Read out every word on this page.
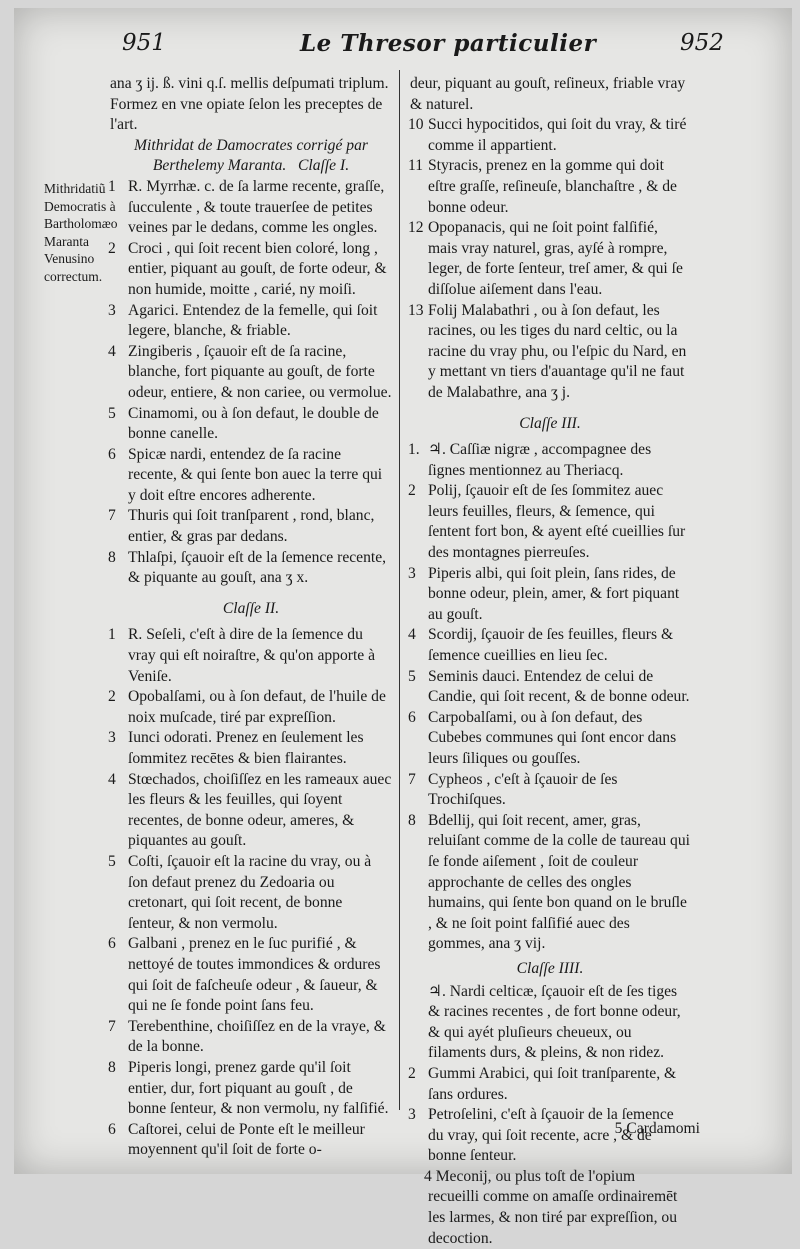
951	Le Thresor particulier	952
Mithridatiũ Democratis à Bartholomæo Maranta Venusino correctum.

ana ʒ ij. ß. vini q.ſ. mellis deſpumati triplum. Formez en vne opiate ſelon les preceptes de l'art.

Mithridat de Damocrates corrigé par

Berthelemy Maranta. Claſſe I.

1 R. Myrrhæ. c. de ſa larme recente, graſſe, ſucculente , & toute trauerſee de petites veines par le dedans, comme les ongles.

2 Croci , qui ſoit recent bien coloré, long , entier, piquant au gouſt, de forte odeur, & non humide, moitte , carié, ny moiſi.

3 Agarici. Entendez de la femelle, qui ſoit legere, blanche, & friable.

4 Zingiberis , ſçauoir eſt de ſa racine, blanche, fort piquante au gouſt, de forte odeur, entiere, & non cariee, ou vermolue.

5 Cinamomi, ou à ſon defaut, le double de bonne canelle.

6 Spicæ nardi, entendez de ſa racine recente, & qui ſente bon auec la terre qui y doit eſtre encores adherente.

7 Thuris qui ſoit tranſparent , rond, blanc, entier, & gras par dedans.

8 Thlaſpi, ſçauoir eſt de la ſemence recente, & piquante au gouſt, ana ʒ x.

Claſſe II.

1 R. Seſeli, c'eſt à dire de la ſemence du vray qui eſt noiraſtre, & qu'on apporte à Veniſe.

2 Opobalſami, ou à ſon defaut, de l'huile de noix muſcade, tiré par expreſſion.

3 Iunci odorati. Prenez en ſeulement les ſommitez recētes & bien flairantes.

4 Stœchados, choiſiſſez en les rameaux auec les fleurs & les feuilles, qui ſoyent recentes, de bonne odeur, ameres, & piquantes au gouſt.

5 Coſti, ſçauoir eſt la racine du vray, ou à ſon defaut prenez du Zedoaria ou cretonart, qui ſoit recent, de bonne ſenteur, & non vermolu.

6 Galbani , prenez en le ſuc purifié , & nettoyé de toutes immondices & ordures qui ſoit de faſcheuſe odeur , & ſaueur, & qui ne ſe fonde point ſans feu.

7 Terebenthine, choiſiſſez en de la vraye, & de la bonne.

8 Piperis longi, prenez garde qu'il ſoit entier, dur, fort piquant au gouſt , de bonne ſenteur, & non vermolu, ny falſifié.

6 Caſtorei, celui de Ponte eſt le meilleur moyennent qu'il ſoit de forte o-

deur, piquant au gouſt, reſineux, friable vray & naturel.

10 Succi hypocitidos, qui ſoit du vray, & tiré comme il appartient.

11 Styracis, prenez en la gomme qui doit eſtre graſſe, reſineuſe, blanchaſtre , & de bonne odeur.

12 Opopanacis, qui ne ſoit point falſifié, mais vray naturel, gras, ayſé à rompre, leger, de forte ſenteur, treſ amer, & qui ſe diſſolue aiſement dans l'eau.

13 Folij Malabathri , ou à ſon defaut, les racines, ou les tiges du nard celtic, ou la racine du vray phu, ou l'eſpic du Nard, en y mettant vn tiers d'auantage qu'il ne faut de Malabathre, ana ʒ j.

Claſſe III.

1. ♃. Caſſiæ nigræ , accompagnee des ſignes mentionnez au Theriacq.

2 Polij, ſçauoir eſt de ſes ſommitez auec leurs feuilles, fleurs, & ſemence, qui ſentent fort bon, & ayent eſté cueillies ſur des montagnes pierreuſes.

3 Piperis albi, qui ſoit plein, ſans rides, de bonne odeur, plein, amer, & fort piquant au gouſt.

4 Scordij, ſçauoir de ſes feuilles, fleurs & ſemence cueillies en lieu ſec.

5 Seminis dauci. Entendez de celui de Candie, qui ſoit recent, & de bonne odeur.

6 Carpobalſami, ou à ſon defaut, des Cubebes communes qui ſont encor dans leurs ſiliques ou gouſſes.

7 Cypheos , c'eſt à ſçauoir de ſes Trochiſques.

8 Bdellij, qui ſoit recent, amer, gras, reluiſant comme de la colle de taureau qui ſe fonde aiſement , ſoit de couleur approchante de celles des ongles humains, qui ſente bon quand on le bruſle , & ne ſoit point falſifié auec des gommes, ana ʒ vij.

Claſſe IIII.

♃. Nardi celticæ, ſçauoir eſt de ſes tiges & racines recentes , de fort bonne odeur, & qui ayét pluſieurs cheueux, ou filaments durs, & pleins, & non ridez.

2 Gummi Arabici, qui ſoit tranſparente, & ſans ordures.

3 Petroſelini, c'eſt à ſçauoir de la ſemence du vray, qui ſoit recente, acre , & de bonne ſenteur.

4 Meconij, ou plus toſt de l'opium recueilli comme on amaſſe ordinairemēt les larmes, & non tiré par expreſſion, ou decoction.

5 Cardamomi
